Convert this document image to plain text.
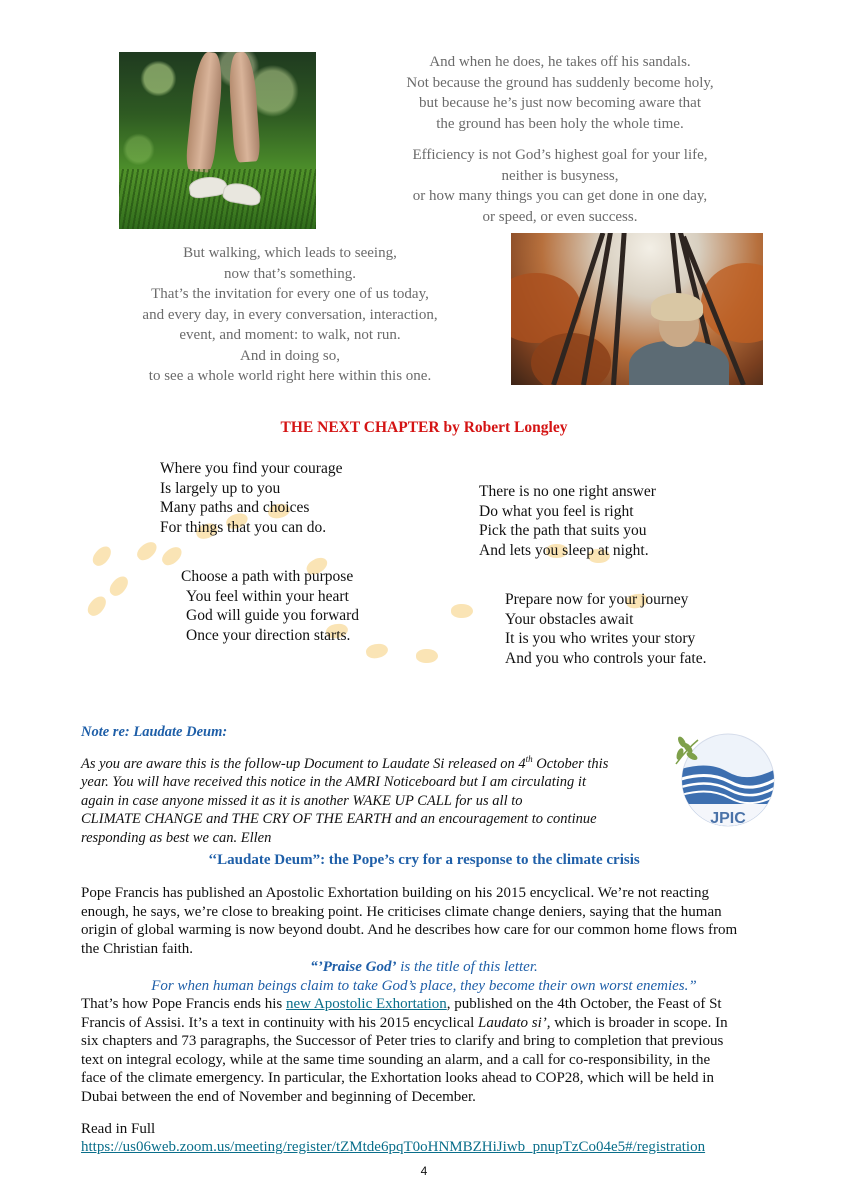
And when he does, he takes off his sandals.
Not because the ground has suddenly become holy,
but because he’s just now becoming aware that
the ground has been holy the whole time.
Efficiency is not God’s highest goal for your life,
neither is busyness,
or how many things you can get done in one day,
or speed, or even success.
But walking, which leads to seeing,
now that’s something.
That’s the invitation for every one of us today,
and every day, in every conversation, interaction,
event, and moment: to walk, not run.
And in doing so,
to see a whole world right here within this one.
THE NEXT CHAPTER by Robert Longley
Where you find your courage
Is largely up to you
Many paths and choices
For things that you can do.
There is no one right answer
Do what you feel is right
Pick the path that suits you
And lets you sleep at night.
Choose a path with purpose
You feel within your heart
God will guide you forward
Once your direction starts.
Prepare now for your journey
Your obstacles await
It is you who writes your story
And you who controls your fate.
Note re: Laudate Deum:
As you are aware this is the follow-up Document to Laudate Si released on 4th October this
year. You will have received this notice in the AMRI Noticeboard but I am circulating it
again in case anyone missed it as it is another WAKE UP CALL for us all to
CLIMATE CHANGE and THE CRY OF THE EARTH and an encouragement to continue
responding as best we can. Ellen
JPIC
‘‘Laudate Deum”: the Pope’s cry for a response to the climate crisis
Pope Francis has published an Apostolic Exhortation building on his 2015 encyclical. We’re not reacting
enough, he says, we’re close to breaking point. He criticises climate change deniers, saying that the human
origin of global warming is now beyond doubt. And he describes how care for our common home flows from
the Christian faith.
“’Praise God’ is the title of this letter.
For when human beings claim to take God’s place, they become their own worst enemies.”
That’s how Pope Francis ends his new Apostolic Exhortation, published on the 4th October, the Feast of St
Francis of Assisi. It’s a text in continuity with his 2015 encyclical Laudato si’, which is broader in scope. In
six chapters and 73 paragraphs, the Successor of Peter tries to clarify and bring to completion that previous
text on integral ecology, while at the same time sounding an alarm, and a call for co-responsibility, in the
face of the climate emergency. In particular, the Exhortation looks ahead to COP28, which will be held in
Dubai between the end of November and beginning of December.
Read in Full
https://us06web.zoom.us/meeting/register/tZMtde6pqT0oHNMBZHiJiwb_pnupTzCo04e5#/registration
4
